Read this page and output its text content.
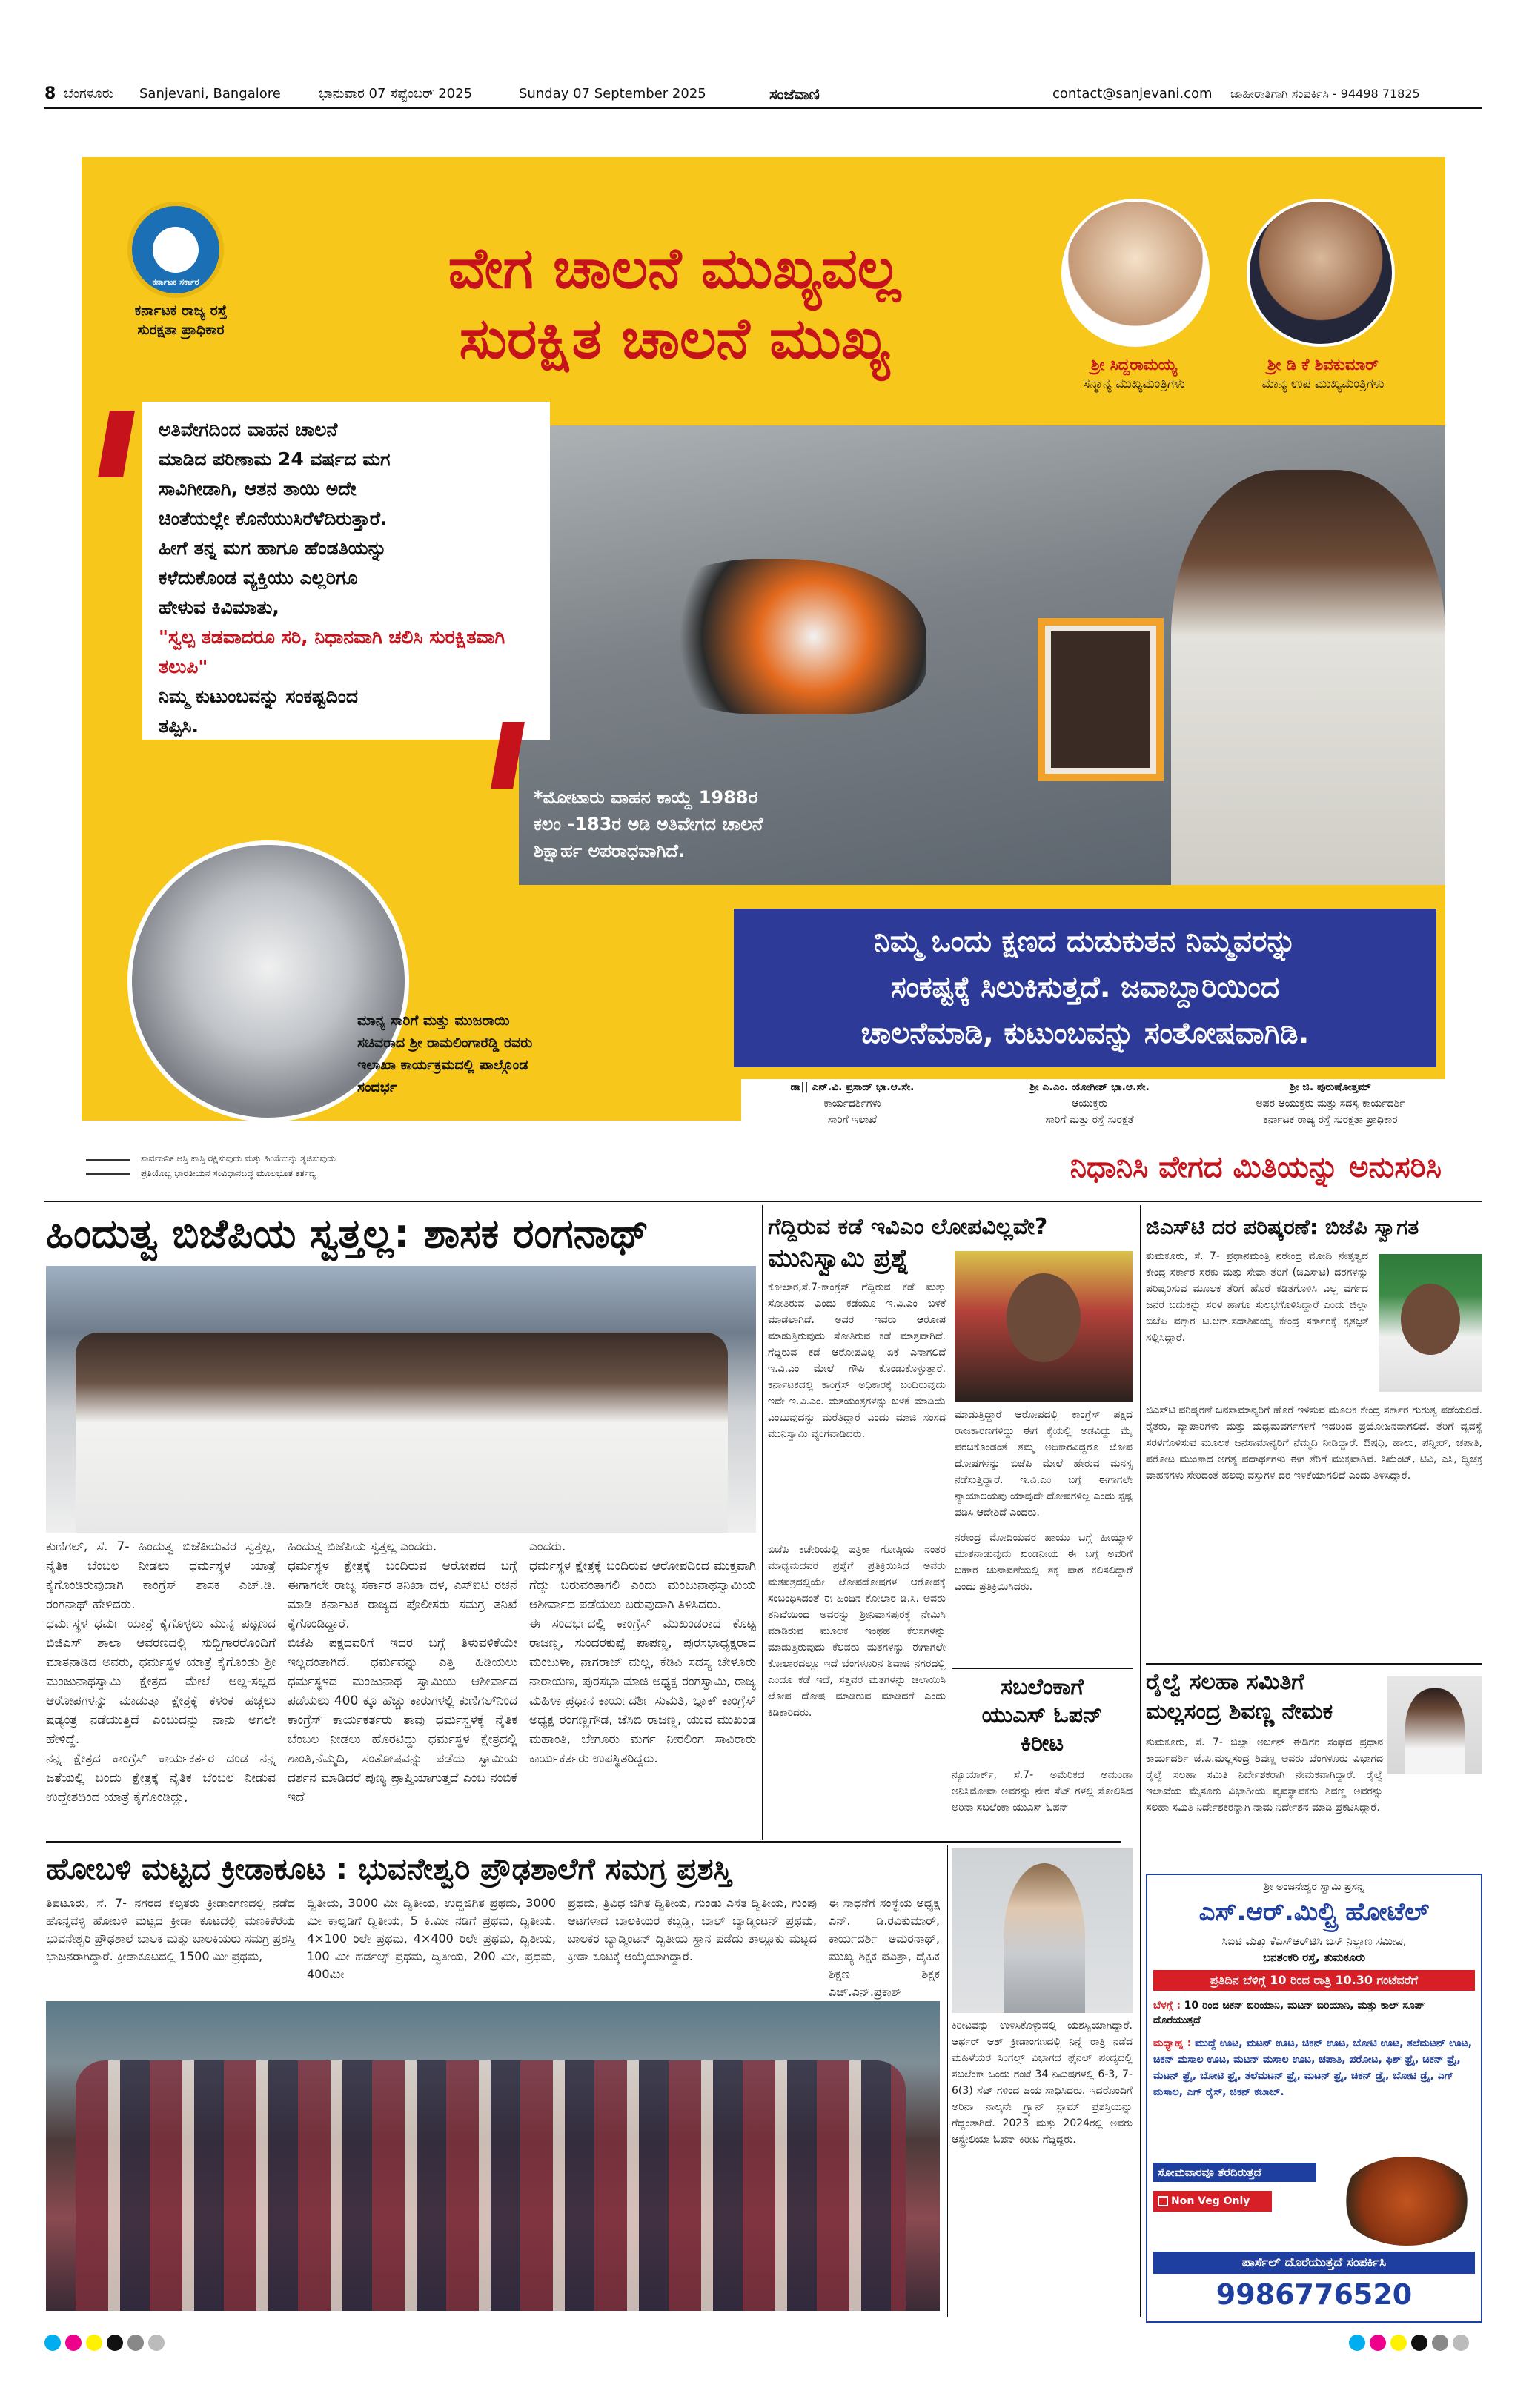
8 ಬೆಂಗಳೂರು Sanjevani, Bangalore	ಭಾನುವಾರ 07 ಸೆಪ್ಟೆಂಬರ್ 2025	Sunday 07 September 2025	ಸಂಜೆವಾಣಿ	contact@sanjevani.com ಜಾಹೀರಾತಿಗಾಗಿ ಸಂಪರ್ಕಿಸಿ - 94498 71825
ಕರ್ನಾಟಕ ಸರ್ಕಾರ
ಕರ್ನಾಟಕ ರಾಜ್ಯ ರಸ್ತೆ
ಸುರಕ್ಷತಾ ಪ್ರಾಧಿಕಾರ
ವೇಗ ಚಾಲನೆ ಮುಖ್ಯವಲ್ಲ
ಸುರಕ್ಷಿತ ಚಾಲನೆ ಮುಖ್ಯ	ಶ್ರೀ ಸಿದ್ದರಾಮಯ್ಯ
ಸನ್ಮಾನ್ಯ ಮುಖ್ಯಮಂತ್ರಿಗಳು
ಶ್ರೀ ಡಿ ಕೆ ಶಿವಕುಮಾರ್
ಮಾನ್ಯ ಉಪ ಮುಖ್ಯಮಂತ್ರಿಗಳು
ಅತಿವೇಗದಿಂದ ವಾಹನ ಚಾಲನೆ
ಮಾಡಿದ ಪರಿಣಾಮ 24 ವರ್ಷದ ಮಗ
ಸಾವಿಗೀಡಾಗಿ, ಆತನ ತಾಯಿ ಅದೇ
ಚಿಂತೆಯಲ್ಲೇ ಕೊನೆಯುಸಿರೆಳೆದಿರುತ್ತಾರೆ.
ಹೀಗೆ ತನ್ನ ಮಗ ಹಾಗೂ ಹೆಂಡತಿಯನ್ನು
ಕಳೆದುಕೊಂಡ ವ್ಯಕ್ತಿಯು ಎಲ್ಲರಿಗೂ
ಹೇಳುವ ಕಿವಿಮಾತು,
"ಸ್ವಲ್ಪ ತಡವಾದರೂ ಸರಿ, ನಿಧಾನವಾಗಿ ಚಲಿಸಿ ಸುರಕ್ಷಿತವಾಗಿ ತಲುಪಿ"
ನಿಮ್ಮ ಕುಟುಂಬವನ್ನು ಸಂಕಷ್ಟದಿಂದ
ತಪ್ಪಿಸಿ.
*ಮೋಟಾರು ವಾಹನ ಕಾಯ್ದೆ 1988ರ
ಕಲಂ -183ರ ಅಡಿ ಅತಿವೇಗದ ಚಾಲನೆ
ಶಿಕ್ಷಾರ್ಹ ಅಪರಾಧವಾಗಿದೆ.
ಮಾನ್ಯ ಸಾರಿಗೆ ಮತ್ತು ಮುಜರಾಯಿ
ಸಚಿವರಾದ ಶ್ರೀ ರಾಮಲಿಂಗಾರೆಡ್ಡಿ ರವರು
ಇಲಾಖಾ ಕಾರ್ಯಕ್ರಮದಲ್ಲಿ ಪಾಲ್ಗೊಂಡ
ಸಂದರ್ಭ
ನಿಮ್ಮ ಒಂದು ಕ್ಷಣದ ದುಡುಕುತನ ನಿಮ್ಮವರನ್ನು
ಸಂಕಷ್ಟಕ್ಕೆ ಸಿಲುಕಿಸುತ್ತದೆ. ಜವಾಬ್ದಾರಿಯಿಂದ
ಚಾಲನೆಮಾಡಿ, ಕುಟುಂಬವನ್ನು ಸಂತೋಷವಾಗಿಡಿ.
ಡಾ|| ಎನ್.ವಿ. ಪ್ರಸಾದ್ ಭಾ.ಆ.ಸೇ.
ಕಾರ್ಯದರ್ಶಿಗಳು
ಸಾರಿಗೆ ಇಲಾಖೆ
ಶ್ರೀ ಎ.ಎಂ. ಯೋಗೀಶ್ ಭಾ.ಆ.ಸೇ.
ಆಯುಕ್ತರು
ಸಾರಿಗೆ ಮತ್ತು ರಸ್ತೆ ಸುರಕ್ಷತೆ
ಶ್ರೀ ಜಿ. ಪುರುಷೋತ್ತಮ್
ಅಪರ ಆಯುಕ್ತರು ಮತ್ತು ಸದಸ್ಯ ಕಾರ್ಯದರ್ಶಿ
ಕರ್ನಾಟಕ ರಾಜ್ಯ ರಸ್ತೆ ಸುರಕ್ಷತಾ ಪ್ರಾಧಿಕಾರ
ಸಾರ್ವಜನಿಕ ಆಸ್ತಿ ಪಾಸ್ತಿ ರಕ್ಷಿಸುವುದು ಮತ್ತು ಹಿಂಸೆಯನ್ನು ತ್ಯಜಿಸುವುದು
ಪ್ರತಿಯೊಬ್ಬ ಭಾರತೀಯನ ಸಂವಿಧಾನಬದ್ಧ ಮೂಲಭೂತ ಕರ್ತವ್ಯ	ನಿಧಾನಿಸಿ ವೇಗದ ಮಿತಿಯನ್ನು ಅನುಸರಿಸಿ
ಹಿಂದುತ್ವ ಬಿಜೆಪಿಯ ಸ್ವತ್ತಲ್ಲ: ಶಾಸಕ ರಂಗನಾಥ್

ಕುಣಿಗಲ್, ಸೆ. 7- ಹಿಂದುತ್ವ ಬಿಜೆಪಿಯವರ ಸ್ವತ್ತಲ್ಲ, ನೈತಿಕ ಬೆಂಬಲ ನೀಡಲು ಧರ್ಮಸ್ಥಳ ಯಾತ್ರೆ ಕೈಗೊಂಡಿರುವುದಾಗಿ ಕಾಂಗ್ರೆಸ್ ಶಾಸಕ ಎಚ್.ಡಿ. ರಂಗನಾಥ್ ಹೇಳಿದರು.

ಧರ್ಮಸ್ಥಳ ಧರ್ಮ ಯಾತ್ರೆ ಕೈಗೊಳ್ಳಲು ಮುನ್ನ ಪಟ್ಟಣದ ಬಿಜಿಎಸ್ ಶಾಲಾ ಆವರಣದಲ್ಲಿ ಸುದ್ದಿಗಾರರೊಂದಿಗೆ ಮಾತನಾಡಿದ ಅವರು, ಧರ್ಮಸ್ಥಳ ಯಾತ್ರೆ ಕೈಗೊಂಡು ಶ್ರೀ ಮಂಜುನಾಥಸ್ವಾಮಿ ಕ್ಷೇತ್ರದ ಮೇಲೆ ಅಲ್ಲ-ಸಲ್ಲದ ಆರೋಪಗಳನ್ನು ಮಾಡುತ್ತಾ ಕ್ಷೇತ್ರಕ್ಕೆ ಕಳಂಕ ಹಚ್ಚಲು ಷಡ್ಯಂತ್ರ ನಡೆಯುತ್ತಿದೆ ಎಂಬುದನ್ನು ನಾನು ಅಗಲೇ ಹೇಳಿದ್ದೆ.

ನನ್ನ ಕ್ಷೇತ್ರದ ಕಾಂಗ್ರೆಸ್ ಕಾರ್ಯಕರ್ತರ ದಂಡ ನನ್ನ ಜತೆಯಲ್ಲಿ ಬಂದು ಕ್ಷೇತ್ರಕ್ಕೆ ನೈತಿಕ ಬೆಂಬಲ ನೀಡುವ ಉದ್ದೇಶದಿಂದ ಯಾತ್ರೆ ಕೈಗೊಂಡಿದ್ದು,

ಹಿಂದುತ್ವ ಬಿಜೆಪಿಯ ಸ್ವತ್ತಲ್ಲ ಎಂದರು.

ಧರ್ಮಸ್ಥಳ ಕ್ಷೇತ್ರಕ್ಕೆ ಬಂದಿರುವ ಆರೋಪದ ಬಗ್ಗೆ ಈಗಾಗಲೇ ರಾಜ್ಯ ಸರ್ಕಾರ ತನಿಖಾ ದಳ, ಎಸ್‌ಐಟಿ ರಚನೆ ಮಾಡಿ ಕರ್ನಾಟಕ ರಾಜ್ಯದ ಪೊಲೀಸರು ಸಮಗ್ರ ತನಿಖೆ ಕೈಗೊಂಡಿದ್ದಾರೆ.

ಬಿಜೆಪಿ ಪಕ್ಷದವರಿಗೆ ಇದರ ಬಗ್ಗೆ ತಿಳುವಳಿಕೆಯೇ ಇಲ್ಲದಂತಾಗಿದೆ. ಧರ್ಮವನ್ನು ಎತ್ತಿ ಹಿಡಿಯಲು ಧರ್ಮಸ್ಥಳದ ಮಂಜುನಾಥ ಸ್ವಾಮಿಯ ಆಶೀರ್ವಾದ ಪಡೆಯಲು 400 ಕ್ಕೂ ಹೆಚ್ಚು ಕಾರುಗಳಲ್ಲಿ ಕುಣಿಗಲ್‌ನಿಂದ ಕಾಂಗ್ರೆಸ್ ಕಾರ್ಯಕರ್ತರು ತಾವು ಧರ್ಮಸ್ಥಳಕ್ಕೆ ನೈತಿಕ ಬೆಂಬಲ ನೀಡಲು ಹೊರಟಿದ್ದು ಧರ್ಮಸ್ಥಳ ಕ್ಷೇತ್ರದಲ್ಲಿ ಶಾಂತಿ,ನೆಮ್ಮದಿ, ಸಂತೋಷವನ್ನು ಪಡೆದು ಸ್ವಾಮಿಯ ದರ್ಶನ ಮಾಡಿದರೆ ಪುಣ್ಯ ಪ್ರಾಪ್ತಿಯಾಗುತ್ತದೆ ಎಂಬ ನಂಬಿಕೆ ಇದೆ

ಎಂದರು.

ಧರ್ಮಸ್ಥಳ ಕ್ಷೇತ್ರಕ್ಕೆ ಬಂದಿರುವ ಆರೋಪದಿಂದ ಮುಕ್ತವಾಗಿ ಗೆದ್ದು ಬರುವಂತಾಗಲಿ ಎಂದು ಮಂಜುನಾಥಸ್ವಾಮಿಯ ಆಶೀರ್ವಾದ ಪಡೆಯಲು ಬರುವುದಾಗಿ ತಿಳಿಸಿದರು.

ಈ ಸಂದರ್ಭದಲ್ಲಿ ಕಾಂಗ್ರೆಸ್ ಮುಖಂಡರಾದ ಕೊಟ್ಟ ರಾಜಣ್ಣ, ಸುಂದರಕುಪ್ಪೆ ಪಾಪಣ್ಣ, ಪುರಸಭಾಧ್ಯಕ್ಷರಾದ ಮಂಜುಳಾ, ನಾಗರಾಜ್ ಮಲ್ಲ, ಕೆಡಿಪಿ ಸದಸ್ಯ ಚೇಳೂರು ನಾರಾಯಣ, ಪುರಸಭಾ ಮಾಜಿ ಅಧ್ಯಕ್ಷ ರಂಗಸ್ವಾಮಿ, ರಾಜ್ಯ ಮಹಿಳಾ ಪ್ರಧಾನ ಕಾರ್ಯದರ್ಶಿ ಸುಮತಿ, ಬ್ಲಾಕ್ ಕಾಂಗ್ರೆಸ್ ಅಧ್ಯಕ್ಷ ರಂಗಣ್ಣಗೌಡ, ಜೆಸಿಬಿ ರಾಜಣ್ಣ, ಯುವ ಮುಖಂಡ ಮಹಾಂತಿ, ಬೇಗೂರು ಮರ್ಗ ನೀರಲಿಂಗ ಸಾವಿರಾರು ಕಾರ್ಯಕರ್ತರು ಉಪಸ್ಥಿತರಿದ್ದರು.

ಹೋಬಳಿ ಮಟ್ಟದ ಕ್ರೀಡಾಕೂಟ : ಭುವನೇಶ್ವರಿ ಪ್ರೌಢಶಾಲೆಗೆ ಸಮಗ್ರ ಪ್ರಶಸ್ತಿ
ತಿಪಟೂರು, ಸೆ. 7- ನಗರದ ಕಲ್ಪತರು ಕ್ರೀಡಾಂಗಣದಲ್ಲಿ ನಡೆದ ಹೊನ್ನವಳ್ಳಿ ಹೋಬಳಿ ಮಟ್ಟದ ಕ್ರೀಡಾ ಕೂಟದಲ್ಲಿ ಮಣಕಿಕೆರೆಯ ಭುವನೇಶ್ವರಿ ಪ್ರೌಢಶಾಲೆ ಬಾಲಕ ಮತ್ತು ಬಾಲಕಿಯರು ಸಮಗ್ರ ಪ್ರಶಸ್ತಿ ಭಾಜನರಾಗಿದ್ದಾರೆ. ಕ್ರೀಡಾಕೂಟದಲ್ಲಿ 1500 ಮೀ ಪ್ರಥಮ,
ದ್ವಿತೀಯ, 3000 ಮೀ ದ್ವಿತೀಯ, ಉದ್ದಜಿಗಿತ ಪ್ರಥಮ, 3000 ಮೀ ಕಾಲ್ನಡಿಗೆ ದ್ವಿತೀಯ, 5 ಕಿ.ಮೀ ನಡಿಗೆ ಪ್ರಥಮ, ದ್ವಿತೀಯ. 4×100 ರಿಲೇ ಪ್ರಥಮ, 4×400 ರಿಲೇ ಪ್ರಥಮ, ದ್ವಿತೀಯ, 100 ಮೀ ಹರ್ಡಲ್ಸ್ ಪ್ರಥಮ, ದ್ವಿತೀಯ, 200 ಮೀ, ಪ್ರಥಮ, 400ಮೀ
ಪ್ರಥಮ, ತ್ರಿವಿಧ ಜಿಗಿತ ದ್ವಿತೀಯ, ಗುಂಡು ಎಸೆತ ದ್ವಿತೀಯ, ಗುಂಪು ಆಟಗಳಾದ ಬಾಲಕಿಯರ ಕಬ್ಬಡ್ಡಿ, ಬಾಲ್ ಬ್ಯಾಡ್ಮಿಂಟನ್ ಪ್ರಥಮ, ಬಾಲಕರ ಬ್ಯಾಡ್ಮಿಂಟನ್ ದ್ವಿತೀಯ ಸ್ಥಾನ ಪಡೆದು ತಾಲ್ಲೂಕು ಮಟ್ಟದ ಕ್ರೀಡಾ ಕೂಟಕ್ಕೆ ಆಯ್ಕೆಯಾಗಿದ್ದಾರೆ.
ಈ ಸಾಧನೆಗೆ ಸಂಸ್ಥೆಯ ಅಧ್ಯಕ್ಷ ಎನ್. ಡಿ.ರವಿಕುಮಾರ್, ಕಾರ್ಯದರ್ಶಿ ಅಮರನಾಥ್, ಮುಖ್ಯ ಶಿಕ್ಷಕ ಪವಿತ್ರಾ, ದೈಹಿಕ ಶಿಕ್ಷಣ ಶಿಕ್ಷಕ ಎಚ್.ಎನ್.ಪ್ರಕಾಶ್
ಗೆದ್ದಿರುವ ಕಡೆ ಇವಿಎಂ ಲೋಪವಿಲ್ಲವೇ?
ಮುನಿಸ್ವಾಮಿ ಪ್ರಶ್ನೆ
ಕೋಲಾರ,ಸೆ.7-ಕಾಂಗ್ರೆಸ್ ಗೆದ್ದಿರುವ ಕಡೆ ಮತ್ತು ಸೋತಿರುವ ಎಂದು ಕಡೆಯೂ ಇ.ವಿ.ಎಂ ಬಳಕೆ ಮಾಡಲಾಗಿದೆ. ಅದರ ಇವರು ಆರೋಪ ಮಾಡುತ್ತಿರುವುದು ಸೋತಿರುವ ಕಡೆ ಮಾತ್ರವಾಗಿದೆ. ಗೆದ್ದಿರುವ ಕಡೆ ಆರೋಪವಿಲ್ಲ ಏಕೆ ಎನಾಗಲಿದೆ ಇ.ವಿ.ಎಂ ಮೇಲೆ ಗೌಪಿ ಕೊಂಡುಕೊಳ್ಳುತ್ತಾರೆ. ಕರ್ನಾಟಕದಲ್ಲಿ ಕಾಂಗ್ರೆಸ್ ಅಧಿಕಾರಕ್ಕೆ ಬಂದಿರುವುದು ಇದೇ ಇ.ವಿ.ಎಂ. ಮತಯಂತ್ರಗಳನ್ನು ಬಳಕೆ ಮಾಡಿಯೆ ಎಂಬುವುದನ್ನು ಮರೆತಿದ್ದಾರೆ ಎಂದು ಮಾಜಿ ಸಂಸದ ಮುನಿಸ್ವಾಮಿ ವ್ಯಂಗವಾಡಿದರು.
ಮಾಡುತ್ತಿದ್ದಾರೆ ಆರೋಪದಲ್ಲಿ ಕಾಂಗ್ರೆಸ್ ಪಕ್ಷದ ರಾಜಕಾರಣಗಳಿದ್ದು ಈಗ ಕೈಯಲ್ಲಿ ಅಡವಿದ್ದು ಮೈ ಪರಚಿಕೊಂಡಂತೆ ತಮ್ಮ ಅಧಿಕಾರವಿದ್ದರೂ ಲೋಪ ದೋಷಗಳನ್ನು ಬಿಜೆಪಿ ಮೇಲೆ ಹೇರುವ ಮನಸ್ಸ ನಡೆಸುತ್ತಿದ್ದಾರೆ. ಇ.ವಿ.ಎಂ ಬಗ್ಗೆ ಈಗಾಗಲೇ ನ್ಯಾಯಾಲಯವು ಯಾವುದೇ ದೋಷಗಳಿಲ್ಲ ಎಂದು ಸ್ಪಷ್ಟ ಪಡಿಸಿ ಆದೇಶಿದೆ ಎಂದರು.
ಬಿಜೆಪಿ ಕಚೇರಿಯಲ್ಲಿ ಪತ್ರಿಕಾ ಗೋಷ್ಠಿಯ ನಂತರ ಮಾಧ್ಯಮದವರ ಪ್ರಶ್ನೆಗೆ ಪ್ರತಿಕ್ರಿಯಿಸಿದ ಅವರು ಮತಪತ್ರದಲ್ಲಿಯೇ ಲೋಪದೋಷಗಳ ಆರೋಪಕ್ಕೆ ಸಂಬಂಧಿಸಿದಂತೆ ಈ ಹಿಂದಿನ ಕೋಲಾರ ಡಿ.ಸಿ. ಅವರು ತನಿಖೆಯಿಂದ ಅವರನ್ನು ಶ್ರೀನಿವಾಸಪುರಕ್ಕೆ ನೇಮಿಸಿ ಮಾಡಿರುವ ಮೂಲಕ ಇಂಥಹ ಕೆಲಸಗಳನ್ನು ಮಾಡುತ್ತಿರುವುದು ಕೆಲವರು ಮತಗಳನ್ನು ಈಗಾಗಲೇ ಕೋಲಾರದಲ್ಲೂ ಇದೆ ಬೆಂಗಳೂರಿನ ಶಿವಾಜಿ ನಗರದಲ್ಲಿ ಎಂದೂ ಕಡೆ ಇದೆ, ಸತ್ತವರ ಮತಗಳನ್ನು ಚಲಾಯಿಸಿ ಲೋಪ ದೋಷ ಮಾಡಿರುವ ಮಾಡಿದರೆ ಎಂದು ಕಿಡಿಕಾರಿದರು.
ನರೇಂದ್ರ ಮೋದಿಯವರ ಹಾಯು ಬಗ್ಗೆ ಹೀಯ್ಯಾಳಿ ಮಾತನಾಡುವುದು ಖಂಡನೀಯ ಈ ಬಗ್ಗೆ ಅವರಿಗೆ ಬಹಾರ ಚುನಾವಣೆಯಲ್ಲಿ ತಕ್ಕ ಪಾಠ ಕಲಿಸಲಿದ್ದಾರೆ ಎಂದು ಪ್ರತಿಕ್ರಿಯಿಸಿದರು.
ಸಬಲೆಂಕಾಗೆ
ಯುಎಸ್ ಓಪನ್
ಕಿರೀಟ
ನ್ಯೂಯಾರ್ಕ್, ಸೆ.7- ಅಮೆರಿಕದ ಅಮಂಡಾ ಅನಿಸಿಮೋವಾ ಅವರನ್ನು ನೇರ ಸೆಟ್ ಗಳಲ್ಲಿ ಸೋಲಿಸಿದ ಅರಿನಾ ಸಬಲೆಂಕಾ ಯುಎಸ್ ಓಪನ್
ಕಿರೀಟವನ್ನು ಉಳಿಸಿಕೊಳ್ಳುವಲ್ಲಿ ಯಶಸ್ವಿಯಾಗಿದ್ದಾರೆ. ಆರ್ಥರ್ ಆಶ್ ಕ್ರೀಡಾಂಗಣದಲ್ಲಿ ನಿನ್ನೆ ರಾತ್ರಿ ನಡೆದ ಮಹಿಳೆಯರ ಸಿಂಗಲ್ಸ್ ವಿಭಾಗದ ಫೈನಲ್ ಪಂದ್ಯದಲ್ಲಿ ಸಬಲೆಂಕಾ ಒಂದು ಗಂಟೆ 34 ನಿಮಿಷಗಳಲ್ಲಿ 6-3, 7-6(3) ಸೆಟ್ ಗಳಿಂದ ಜಯ ಸಾಧಿಸಿದರು. ಇದರೊಂದಿಗೆ ಅರಿನಾ ನಾಲ್ಕನೇ ಗ್ರ್ಯಾನ್ ಸ್ಲಾಮ್ ಪ್ರಶಸ್ತಿಯನ್ನು ಗೆದ್ದಂತಾಗಿದೆ. 2023 ಮತ್ತು 2024ರಲ್ಲಿ ಅವರು ಆಸ್ಟ್ರೇಲಿಯಾ ಓಪನ್ ಕಿರೀಟ ಗೆದ್ದಿದ್ದರು.
ಜಿಎಸ್‌ಟಿ ದರ ಪರಿಷ್ಕರಣೆ: ಬಿಜೆಪಿ ಸ್ವಾಗತ
ತುಮಕೂರು, ಸೆ. 7- ಪ್ರಧಾನಮಂತ್ರಿ ನರೇಂದ್ರ ಮೋದಿ ನೇತೃತ್ವದ ಕೇಂದ್ರ ಸರ್ಕಾರ ಸರಕು ಮತ್ತು ಸೇವಾ ತೆರಿಗೆ (ಜಿಎಸ್‌ಟಿ) ದರಗಳನ್ನು ಪರಿಷ್ಕರಿಸುವ ಮೂಲಕ ತೆರಿಗೆ ಹೊರೆ ಕಡಿತಗೊಳಿಸಿ ಎಲ್ಲ ವರ್ಗದ ಜನರ ಬದುಕನ್ನು ಸರಳ ಹಾಗೂ ಸುಲಭಗೊಳಿಸಿದ್ದಾರೆ ಎಂದು ಜಿಲ್ಲಾ ಬಿಜೆಪಿ ವಕ್ತಾರ ಟಿ.ಆರ್.ಸದಾಶಿವಯ್ಯ ಕೇಂದ್ರ ಸರ್ಕಾರಕ್ಕೆ ಕೃತಜ್ಞತೆ ಸಲ್ಲಿಸಿದ್ದಾರೆ.
ಜಿಎಸ್‌ಟಿ ಪರಿಷ್ಕರಣೆ ಜನಸಾಮಾನ್ಯರಿಗೆ ಹೊರೆ ಇಳಿಸುವ ಮೂಲಕ ಕೇಂದ್ರ ಸರ್ಕಾರ ಗುರುತ್ವ ಪಡೆಯಲಿದೆ. ರೈತರು, ವ್ಯಾಪಾರಿಗಳು ಮತ್ತು ಮಧ್ಯಮವರ್ಗಗಳಿಗೆ ಇದರಿಂದ ಪ್ರಯೋಜನವಾಗಲಿದೆ. ತೆರಿಗೆ ವ್ಯವಸ್ಥೆ ಸರಳಗೊಳಿಸುವ ಮೂಲಕ ಜನಸಾಮಾನ್ಯರಿಗೆ ನೆಮ್ಮದಿ ನೀಡಿದ್ದಾರೆ. ಔಷಧಿ, ಹಾಲು, ಪನ್ನೀರ್, ಚಪಾತಿ, ಪರೋಟ ಮುಂತಾದ ಅಗತ್ಯ ಪದಾರ್ಥಗಳು ಈಗ ತೆರಿಗೆ ಮುಕ್ತವಾಗಿವೆ. ಸಿಮೆಂಟ್, ಟಿವಿ, ಎಸಿ, ದ್ವಿಚಕ್ರ ವಾಹನಗಳು ಸೇರಿದಂತೆ ಹಲವು ವಸ್ತುಗಳ ದರ ಇಳಿಕೆಯಾಗಲಿದೆ ಎಂದು ತಿಳಿಸಿದ್ದಾರೆ.
ರೈಲ್ವೆ ಸಲಹಾ ಸಮಿತಿಗೆ
ಮಲ್ಲಸಂದ್ರ ಶಿವಣ್ಣ ನೇಮಕ
ತುಮಕೂರು, ಸೆ. 7- ಜಿಲ್ಲಾ ಅರ್ಬನ್ ಈಡಿಗರ ಸಂಘದ ಪ್ರಧಾನ ಕಾರ್ಯದರ್ಶಿ ಜೆ.ಪಿ.ಮಲ್ಲಸಂದ್ರ ಶಿವಣ್ಣ ಅವರು ಬೆಂಗಳೂರು ವಿಭಾಗದ ರೈಲ್ವೆ ಸಲಹಾ ಸಮಿತಿ ನಿರ್ದೇಶಕರಾಗಿ ನೇಮಕವಾಗಿದ್ದಾರೆ. ರೈಲ್ವೆ ಇಲಾಖೆಯ ಮೈಸೂರು ವಿಭಾಗೀಯ ವ್ಯವಸ್ಥಾಪಕರು ಶಿವಣ್ಣ ಅವರನ್ನು ಸಲಹಾ ಸಮಿತಿ ನಿರ್ದೇಶಕರನ್ನಾಗಿ ನಾಮ ನಿರ್ದೇಶನ ಮಾಡಿ ಪ್ರಕಟಿಸಿದ್ದಾರೆ.
ಶ್ರೀ ಅಂಜನೇಶ್ವರ ಸ್ವಾಮಿ ಪ್ರಸನ್ನ
ಎಸ್.ಆರ್.ಮಿಲ್ಟ್ರಿ ಹೋಟೆಲ್
ಸಿಐಟಿ ಮತ್ತು ಕೆಎಸ್ಆರ್‌ಟಿಸಿ ಬಸ್ ನಿಲ್ದಾಣ ಸಮೀಪ,
ಬನಶಂಕರಿ ರಸ್ತೆ, ತುಮಕೂರು
ಪ್ರತಿದಿನ ಬೆಳಿಗ್ಗೆ 10 ರಿಂದ ರಾತ್ರಿ 10.30 ಗಂಟೆವರೆಗೆ
ಬೆಳಗ್ಗೆ : 10 ರಿಂದ ಚಿಕನ್ ಬಿರಿಯಾನಿ, ಮಟನ್ ಬಿರಿಯಾನಿ, ಮತ್ತು ಕಾಲ್ ಸೂಪ್ ದೊರೆಯುತ್ತದೆ
ಮಧ್ಯಾಹ್ನ : ಮುದ್ದೆ ಊಟ, ಮಟನ್ ಊಟ, ಚಿಕನ್ ಊಟ, ಬೋಟಿ ಊಟ, ತಲೆಮಟನ್ ಊಟ, ಚಿಕನ್ ಮಸಾಲ ಊಟ, ಮಟನ್ ಮಸಾಲ ಊಟ, ಚಪಾತಿ, ಪರೋಟ, ಫಿಶ್ ಫ್ರೈ, ಚಿಕನ್ ಫ್ರೈ, ಮಟನ್ ಫ್ರೈ, ಬೋಟಿ ಫ್ರೈ, ತಲೆಮಟನ್ ಫ್ರೈ, ಮಟನ್ ಫ್ರೈ, ಚಿಕನ್ ಡ್ರೈ, ಬೋಟಿ ಡ್ರೈ, ಎಗ್ ಮಸಾಲ, ಎಗ್ ರೈಸ್, ಚಿಕನ್ ಕಬಾಬ್.
ಸೋಮವಾರವೂ ತೆರೆದಿರುತ್ತದೆ
Non Veg Only
ಪಾರ್ಸೆಲ್ ದೊರೆಯುತ್ತದೆ ಸಂಪರ್ಕಿಸಿ
9986776520
